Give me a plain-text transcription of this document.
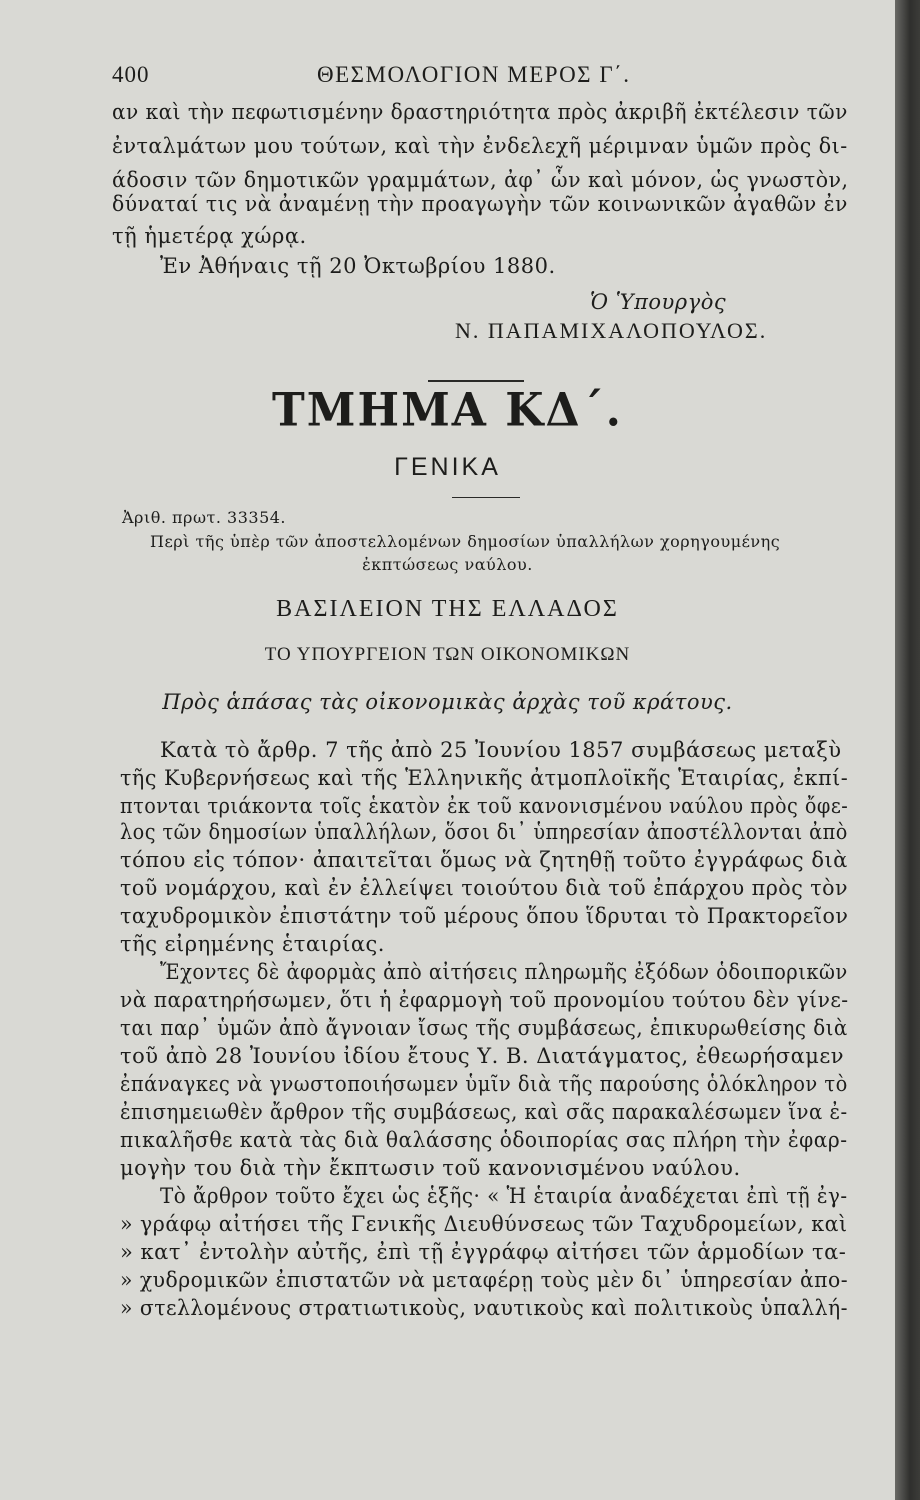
400	ΘΕΣΜΟΛΟΓΙΟΝ ΜΕΡΟΣ Γ΄.
αν καὶ τὴν πεφωτισμένην δραστηριότητα πρὸς ἀκριβῆ ἐκτέλεσιν τῶν
ἐνταλμάτων μου τούτων, καὶ τὴν ἐνδελεχῆ μέριμναν ὑμῶν πρὸς δι-
άδοσιν τῶν δημοτικῶν γραμμάτων, ἀφ᾽ ὧν καὶ μόνον, ὡς γνωστὸν,
δύναταί τις νὰ ἀναμένῃ τὴν προαγωγὴν τῶν κοινωνικῶν ἀγαθῶν ἐν
τῇ ἡμετέρᾳ χώρᾳ.
Ἐν Ἀθήναις τῇ 20 Ὀκτωβρίου 1880.
Ὁ Ὑπουργὸς
Ν. ΠΑΠΑΜΙΧΑΛΟΠΟΥΛΟΣ.
ΤΜΗΜΑ ΚΔ΄.
ΓΕΝΙΚΑ
Ἀριθ. πρωτ. 33354.
Περὶ τῆς ὑπὲρ τῶν ἀποστελλομένων δημοσίων ὑπαλλήλων χορηγουμένης
ἐκπτώσεως ναύλου.
ΒΑΣΙΛΕΙΟΝ ΤΗΣ ΕΛΛΑΔΟΣ
ΤΟ ΥΠΟΥΡΓΕΙΟΝ ΤΩΝ ΟΙΚΟΝΟΜΙΚΩΝ
Πρὸς ἁπάσας τὰς οἰκονομικὰς ἀρχὰς τοῦ κράτους.
Κατὰ τὸ ἄρθρ. 7 τῆς ἀπὸ 25 Ἰουνίου 1857 συμβάσεως μεταξὺ
τῆς Κυβερνήσεως καὶ τῆς Ἑλληνικῆς ἀτμοπλοϊκῆς Ἑταιρίας, ἐκπί-
πτονται τριάκοντα τοῖς ἑκατὸν ἐκ τοῦ κανονισμένου ναύλου πρὸς ὄφε-
λος τῶν δημοσίων ὑπαλλήλων, ὅσοι δι᾽ ὑπηρεσίαν ἀποστέλλονται ἀπὸ
τόπου εἰς τόπον· ἀπαιτεῖται ὅμως νὰ ζητηθῇ τοῦτο ἐγγράφως διὰ
τοῦ νομάρχου, καὶ ἐν ἐλλείψει τοιούτου διὰ τοῦ ἐπάρχου πρὸς τὸν
ταχυδρομικὸν ἐπιστάτην τοῦ μέρους ὅπου ἵδρυται τὸ Πρακτορεῖον
τῆς εἰρημένης ἑταιρίας.
Ἔχοντες δὲ ἀφορμὰς ἀπὸ αἰτήσεις πληρωμῆς ἐξόδων ὁδοιπορικῶν
νὰ παρατηρήσωμεν, ὅτι ἡ ἐφαρμογὴ τοῦ προνομίου τούτου δὲν γίνε-
ται παρ᾽ ὑμῶν ἀπὸ ἄγνοιαν ἴσως τῆς συμβάσεως, ἐπικυρωθείσης διὰ
τοῦ ἀπὸ 28 Ἰουνίου ἰδίου ἔτους Υ. Β. Διατάγματος, ἐθεωρήσαμεν
ἐπάναγκες νὰ γνωστοποιήσωμεν ὑμῖν διὰ τῆς παρούσης ὁλόκληρον τὸ
ἐπισημειωθὲν ἄρθρον τῆς συμβάσεως, καὶ σᾶς παρακαλέσωμεν ἵνα ἐ-
πικαλῆσθε κατὰ τὰς διὰ θαλάσσης ὁδοιπορίας σας πλήρη τὴν ἐφαρ-
μογὴν του διὰ τὴν ἔκπτωσιν τοῦ κανονισμένου ναύλου.
Τὸ ἄρθρον τοῦτο ἔχει ὡς ἑξῆς· « Ἡ ἑταιρία ἀναδέχεται ἐπὶ τῇ ἐγ-
» γράφῳ αἰτήσει τῆς Γενικῆς Διευθύνσεως τῶν Ταχυδρομείων, καὶ
» κατ᾽ ἐντολὴν αὐτῆς, ἐπὶ τῇ ἐγγράφῳ αἰτήσει τῶν ἁρμοδίων τα-
» χυδρομικῶν ἐπιστατῶν νὰ μεταφέρῃ τοὺς μὲν δι᾽ ὑπηρεσίαν ἀπο-
» στελλομένους στρατιωτικοὺς, ναυτικοὺς καὶ πολιτικοὺς ὑπαλλή-
